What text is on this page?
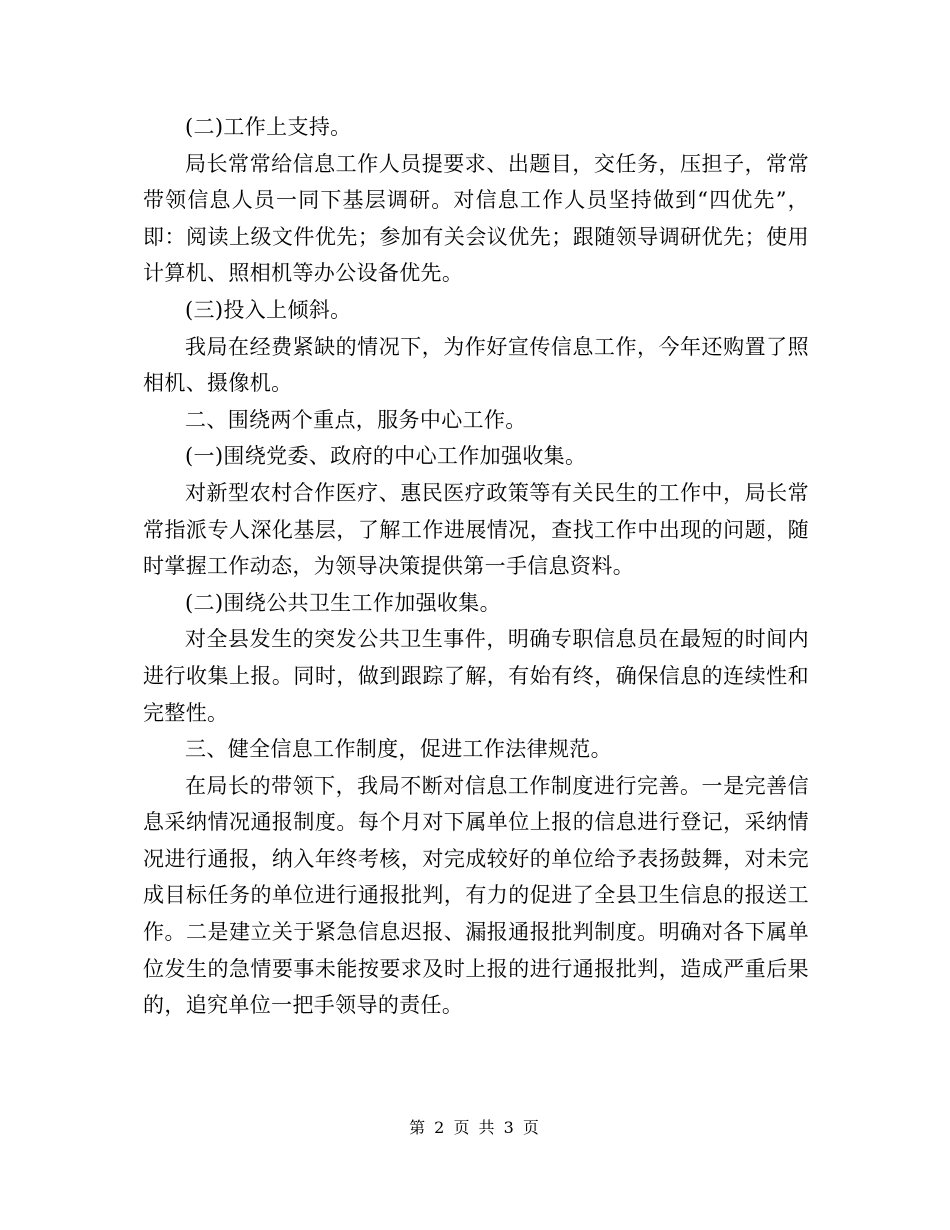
(二)工作上支持。

局长常常给信息工作人员提要求、出题目，交任务，压担子，常常带领信息人员一同下基层调研。对信息工作人员坚持做到“四优先”，即：阅读上级文件优先；参加有关会议优先；跟随领导调研优先；使用计算机、照相机等办公设备优先。

(三)投入上倾斜。

我局在经费紧缺的情况下，为作好宣传信息工作，今年还购置了照相机、摄像机。

二、围绕两个重点，服务中心工作。

(一)围绕党委、政府的中心工作加强收集。

对新型农村合作医疗、惠民医疗政策等有关民生的工作中，局长常常指派专人深化基层，了解工作进展情况，查找工作中出现的问题，随时掌握工作动态，为领导决策提供第一手信息资料。

(二)围绕公共卫生工作加强收集。

对全县发生的突发公共卫生事件，明确专职信息员在最短的时间内进行收集上报。同时，做到跟踪了解，有始有终，确保信息的连续性和完整性。

三、健全信息工作制度，促进工作法律规范。

在局长的带领下，我局不断对信息工作制度进行完善。一是完善信息采纳情况通报制度。每个月对下属单位上报的信息进行登记，采纳情况进行通报，纳入年终考核，对完成较好的单位给予表扬鼓舞，对未完成目标任务的单位进行通报批判，有力的促进了全县卫生信息的报送工作。二是建立关于紧急信息迟报、漏报通报批判制度。明确对各下属单位发生的急情要事未能按要求及时上报的进行通报批判，造成严重后果的，追究单位一把手领导的责任。

第 2 页 共 3 页
